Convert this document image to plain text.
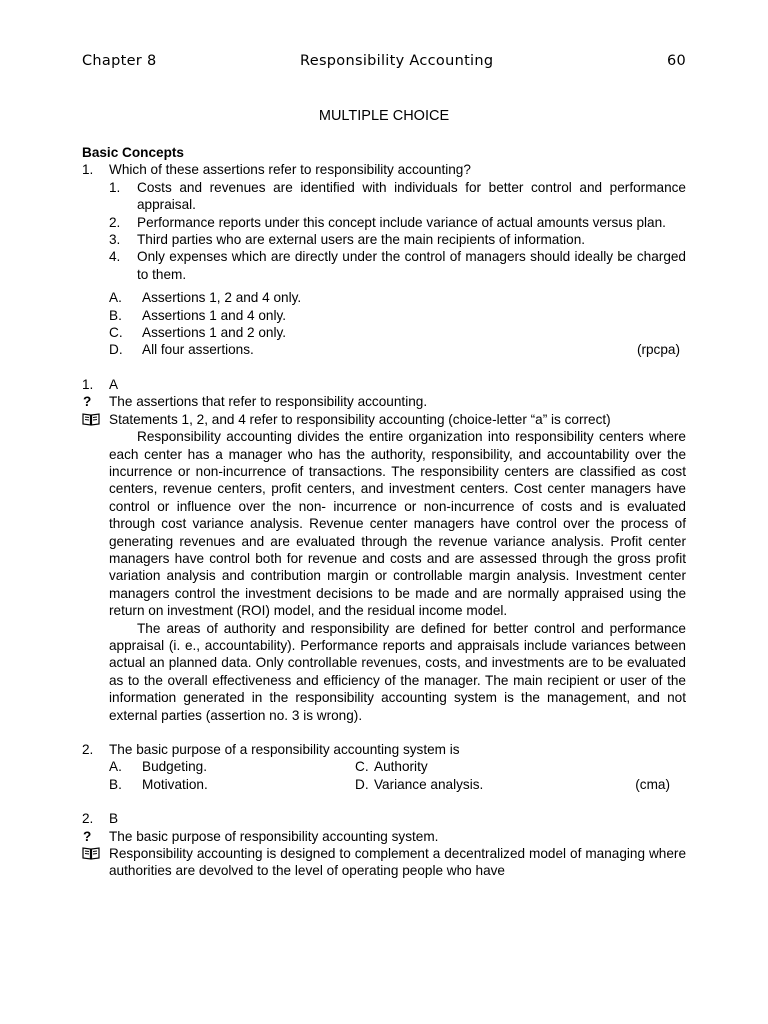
Chapter 8	Responsibility Accounting	60
MULTIPLE CHOICE
Basic Concepts
1.	Which of these assertions refer to responsibility accounting?
1.	Costs and revenues are identified with individuals for better control and performance appraisal.
2.	Performance reports under this concept include variance of actual amounts versus plan.
3.	Third parties who are external users are the main recipients of information.
4.	Only expenses which are directly under the control of managers should ideally be charged to them.
A.	Assertions 1, 2 and 4 only.
B.	Assertions 1 and 4 only.
C.	Assertions 1 and 2 only.
D.	All four assertions.	(rpcpa)
1.	A
?	The assertions that refer to responsibility accounting.
Statements 1, 2, and 4 refer to responsibility accounting (choice-letter “a” is correct)
Responsibility accounting divides the entire organization into responsibility centers where each center has a manager who has the authority, responsibility, and accountability over the incurrence or non-incurrence of transactions. The responsibility centers are classified as cost centers, revenue centers, profit centers, and investment centers. Cost center managers have control or influence over the non- incurrence or non-incurrence of costs and is evaluated through cost variance analysis. Revenue center managers have control over the process of generating revenues and are evaluated through the revenue variance analysis. Profit center managers have control both for revenue and costs and are assessed through the gross profit variation analysis and contribution margin or controllable margin analysis. Investment center managers control the investment decisions to be made and are normally appraised using the return on investment (ROI) model, and the residual income model.
The areas of authority and responsibility are defined for better control and performance appraisal (i. e., accountability). Performance reports and appraisals include variances between actual an planned data. Only controllable revenues, costs, and investments are to be evaluated as to the overall effectiveness and efficiency of the manager. The main recipient or user of the information generated in the responsibility accounting system is the management, and not external parties (assertion no. 3 is wrong).
2.	The basic purpose of a responsibility accounting system is
A.	Budgeting.	C. Authority
B.	Motivation.	D. Variance analysis.	(cma)
2.	B
?	The basic purpose of responsibility accounting system.
Responsibility accounting is designed to complement a decentralized model of managing where authorities are devolved to the level of operating people who have
